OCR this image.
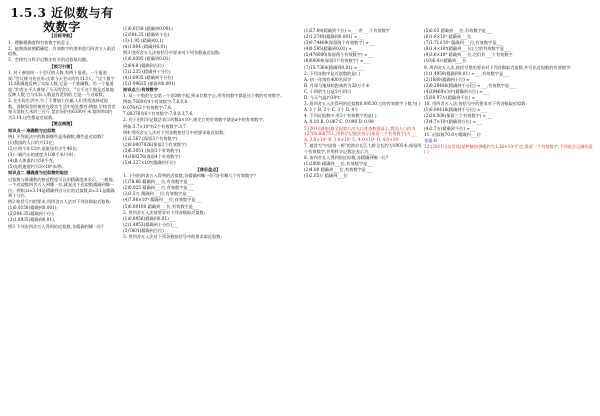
1.5.3 近似数与有效数字
【目标导航】
1、理解精确度和有效数字的意义。
2、能熟练按照精确度、有效数字的要求进行四舍五入取近似数。
3、会探究与科学记数法有关的近似数问题。
【预习引领】
1. 对于参加同一个会议的人数,有两个报道。一个报道说:"会议秘书处宣布:出席今天会议的有113人。"这个数字113准确地反映了实际人数,它是一个准确数。另一个报道说:"约有五千人参加了今天的会议。"五千这个数是近似地反映人数,它与实际人数是有差别的,它是一个近似数。
2. 在实际生活中,为了不增加工作量,人们常常选择近似数。读数误差的使用在现实生活中处处都有:例如,学校食堂每天消耗大米约三百斤,某农场约有6300千米,圆周率π约为3.14,这些都是近似数。
【要点梳理】
知识点一 准确数与近似数
例1 下列说法中的数据哪些是准确数,哪些是近似数?
(1)我国的人口约为13亿;
(2)小明今年12岁;某班级有学生46名;
(3)一辆汽车的速度为100千米/小时;
(4)某人体重约为58千克;
(5)光的速度约为3×10⁸米/秒。
知识点二 精确度与近似数的取法
近似数与准确数的接近程度可以用精确度来表示。一般地,一个近似数四舍五入到哪一位,就说这个近似数精确到哪一位。例如,π≈3.14是精确到百分位的近似数,π≈3.1是精确到十分位。
例2 按括号内的要求,用四舍五入法对下列各数取近似数:
(1)0.0158(精确到0.001);
(2)304.35(精确到个位);
(3)1.8935(精确到0.01)。
例3 下列由四舍五入得到的近似数,各精确到哪一位?
(1)0.0158 (精确到0.001)
(2)304.35 (精确到个位)
(3)-1.95 (精确到0.1)
(4)1.804 (精确到0.01)
例3 用四舍五入法按括号中要求对下列各数取近似数:
(1)0.8395 (精确到0.01)
(2)64.8 (精确到百位)
(3)1.235 (精确到十分位)
(4)1.8935 (精确到千分位)
(5)1.99635 (保留到0.001)
知识点三:有效数字
1. 从一个数的左边第一个非0数字起,到末位数字止,所有的数字都是这个数的有效数字。
例如,7600有4个有效数字:7,6,0,0.
0.076有2个有效数字:7,6.
7.00376有6个有效数字:7,0,0,3,7,6.
2. 对于用科学记数法表示的数a×10ⁿ,规定它的有效数字就是a中的有效数字。
例如:3.7×10⁴有2个有效数字:3,7.
例4 用四舍五入法对下列各数按括号中的要求取近似数:
(1)3.567 (保留3个有效数字)
(2)0.0007026(保留2个有效数字)
(3)6.3051 (保留3个有效数字)
(4)308276(保留4个有效数字)
(5)4.327×10⁴(精确到千位)
【课后盘点】
1. 下列由四舍五入得到的近似数,各精确到哪一位?各有哪几个有效数字?
(1)78.86 精确到___位,有效数字是___
(2)0.025 精确到___位,有效数字是___
(3)3.5万 精确到___位,有效数字是___
(4)7.86×10⁴ 精确到___位,有效数字是___
(5)0.00100 精确到___位,有效数字是___
2. 用四舍五入法按要求对下列各数取近似数:
(1)0.8956(精确到0.01)___
(2)1.4953(精确到十分位)___
(3)7801(精确到百位)___
3. 用四舍五入法对下列各数按括号中的要求取近似数:
(1)37.69(精确到个位) ≈___ 有___个有效数字
(2)1.3749(精确到0.001) ≈___
(3)0.74409(保留两个有效数字) ≈___
(4)8.595(精确到0.01) ≈___
(5)476000(保留两个有效数字) ≈___
(6)60000(保留3个有效数字) ≈___
(7)15.7360(精确到0.01) ≈___
2. 下列各数中是近似数的是( )
A. 初一年级有400名同学
B. 月球与地球的距离约为38万千米
C. 小明的生日是5月10日
D. 今天气温约30℃
3. 用四舍五入法得到的近似数0.09530,它的有效数字个数为( )
A. 1个 B. 2个 C. 3个 D. 4个
4. 下列近似数中,有3个有效数字的是( )
A. 0.10 B. 0.067 C. 0.098 D. 0.98
5.(2011湖南)据全国第六次人口普查数据显示,我国人口约为1370536875人,用科学记数法表示(保留三个有效数字)为___
A. 3.8×10⁶ B. 3.8×10⁷ C. 4.0×10⁶ D. 4.0×10⁷
7. 被誉为"中国第一桥"的南京长江大桥全长约为1905米,保留两个有效数字,并用科学记数法表示为___
8. 由四舍五入得到的近似数,各精确到哪一位?
(1)2000 精确到___位,有效数字是___
(2)4.00 精确到___位,有效数字是___
(3)2.05万 精确到___位
(5)0.03 精确到___位,有效数字是___
(6)1.9×10⁴ 精确到___位
(7)3.71×10⁵ 精确到___位,有效数字是___
(8)1.4×10⁴(精确到___位),它的有效数字是___
(9)3.0×10⁴ 精确到___位,它们有___个有效数字
(10)6.4万精确到___位
9. 用四舍五入法,按括号里的要求对下列各数取近似数,并写出近似数的有效数字:
(1)1.4959(精确到0.01) ≈___,有效数字是___
(2)1680(精确到十位) ≈___
(3)0.28496(精确到千分位) ≈___,有效数字是___
(4)20469×10⁶(精确到万位) ≈___
(5)30.97万(精确到千位) ≈___
10. 用四舍五入法,按括号中的要求对下列各数取近似数:
(1)0.00416(精确到千分位) ≈___
(2)20.508(保留三个有效数字) ≈___
(3)4.7×10⁵(精确到万位) ≈___
(4)2.7万(精确到千位) ≈___
11. 近似数70.8万精确到___位
答案:B
12.(2011山东青岛)某种解热供暖约为1.36×10⁷千克,保留一个有效数字,下列说法正确的是( )
